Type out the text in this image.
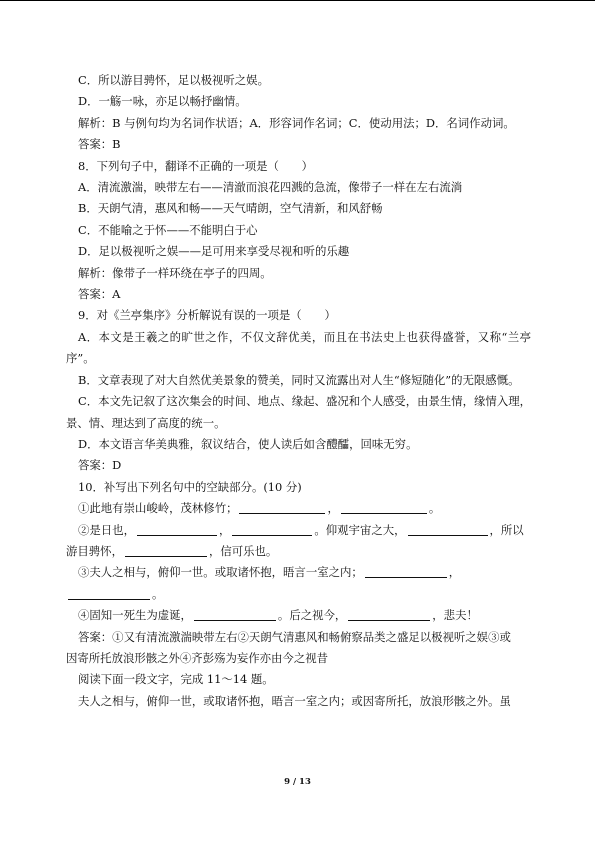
C．所以游目骋怀，足以极视听之娱。

D．一觞一咏，亦足以畅抒幽情。

解析：B 与例句均为名词作状语；A．形容词作名词；C．使动用法；D．名词作动词。

答案：B

8．下列句子中，翻译不正确的一项是（　　）

A．清流激湍，映带左右——清澈而浪花四溅的急流，像带子一样在左右流淌

B．天朗气清，惠风和畅——天气晴朗，空气清新，和风舒畅

C．不能喻之于怀——不能明白于心

D．足以极视听之娱——足可用来享受尽视和听的乐趣

解析：像带子一样环绕在亭子的四周。

答案：A

9．对《兰亭集序》分析解说有误的一项是（　　）

A．本文是王羲之的旷世之作，不仅文辞优美，而且在书法史上也获得盛誉，又称“兰亭序”。

B．文章表现了对大自然优美景象的赞美，同时又流露出对人生“修短随化”的无限感慨。

C．本文先记叙了这次集会的时间、地点、缘起、盛况和个人感受，由景生情，缘情入理，景、情、理达到了高度的统一。

D．本文语言华美典雅，叙议结合，使人读后如含醴醽，回味无穷。

答案：D

10．补写出下列名句中的空缺部分。(10 分)

①此地有崇山峻岭，茂林修竹；	，	。

②是日也，	，	。仰观宇宙之大，	，所以

游目骋怀，	，信可乐也。

③夫人之相与，俯仰一世。或取诸怀抱，晤言一室之内；	，

。

④固知一死生为虚诞，	。后之视今，	，悲夫！

答案：①又有清流激湍映带左右②天朗气清惠风和畅俯察品类之盛足以极视听之娱③或

因寄所托放浪形骸之外④齐彭殇为妄作亦由今之视昔

阅读下面一段文字，完成 11～14 题。

夫人之相与，俯仰一世，或取诸怀抱，晤言一室之内；或因寄所托，放浪形骸之外。虽

9 / 13
